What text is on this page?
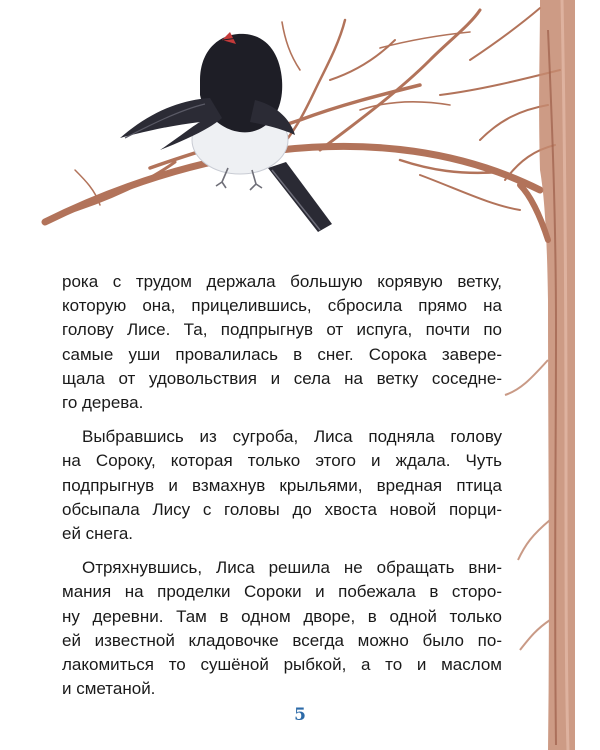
рока с трудом держала большую корявую ветку,
которую она, прицелившись, сбросила прямо на
голову Лисе. Та, подпрыгнув от испуга, почти по
самые уши провалилась в снег. Сорока завере-
щала от удовольствия и села на ветку соседне-
го дерева.

Выбравшись из сугроба, Лиса подняла голову
на Сороку, которая только этого и ждала. Чуть
подпрыгнув и взмахнув крыльями, вредная птица
обсыпала Лису с головы до хвоста новой порци-
ей снега.

Отряхнувшись, Лиса решила не обращать вни-
мания на проделки Сороки и побежала в сторо-
ну деревни. Там в одном дворе, в одной только
ей известной кладовочке всегда можно было по-
лакомиться то сушёной рыбкой, а то и маслом
и сметаной.

5
